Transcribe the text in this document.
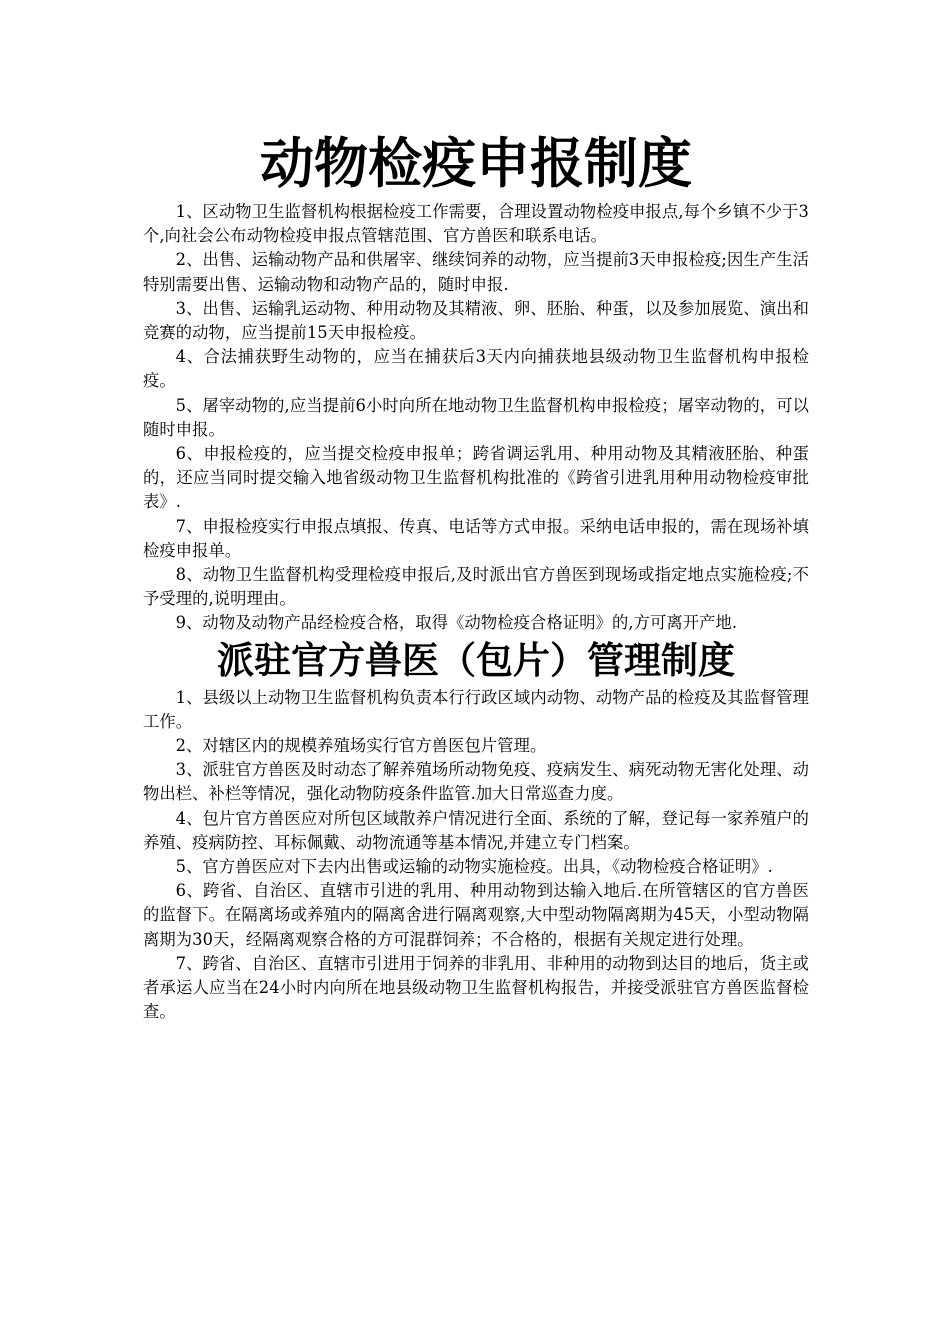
动物检疫申报制度

1、区动物卫生监督机构根据检疫工作需要，合理设置动物检疫申报点,每个乡镇不少于3个,向社会公布动物检疫申报点管辖范围、官方兽医和联系电话。

2、出售、运输动物产品和供屠宰、继续饲养的动物，应当提前3天申报检疫;因生产生活特别需要出售、运输动物和动物产品的，随时申报.

3、出售、运输乳运动物、种用动物及其精液、卵、胚胎、种蛋，以及参加展览、演出和竞赛的动物，应当提前15天申报检疫。

4、合法捕获野生动物的，应当在捕获后3天内向捕获地县级动物卫生监督机构申报检疫。

5、屠宰动物的,应当提前6小时向所在地动物卫生监督机构申报检疫；屠宰动物的，可以随时申报。

6、申报检疫的，应当提交检疫申报单；跨省调运乳用、种用动物及其精液胚胎、种蛋的，还应当同时提交输入地省级动物卫生监督机构批准的《跨省引进乳用种用动物检疫审批表》.

7、申报检疫实行申报点填报、传真、电话等方式申报。采纳电话申报的，需在现场补填检疫申报单。

8、动物卫生监督机构受理检疫申报后,及时派出官方兽医到现场或指定地点实施检疫;不予受理的,说明理由。

9、动物及动物产品经检疫合格，取得《动物检疫合格证明》的,方可离开产地.

派驻官方兽医（包片）管理制度

1、县级以上动物卫生监督机构负责本行行政区域内动物、动物产品的检疫及其监督管理工作。

2、对辖区内的规模养殖场实行官方兽医包片管理。

3、派驻官方兽医及时动态了解养殖场所动物免疫、疫病发生、病死动物无害化处理、动物出栏、补栏等情况，强化动物防疫条件监管.加大日常巡查力度。

4、包片官方兽医应对所包区域散养户情况进行全面、系统的了解，登记每一家养殖户的养殖、疫病防控、耳标佩戴、动物流通等基本情况,并建立专门档案。

5、官方兽医应对下去内出售或运输的动物实施检疫。出具，《动物检疫合格证明》.

6、跨省、自治区、直辖市引进的乳用、种用动物到达输入地后.在所管辖区的官方兽医的监督下。在隔离场或养殖内的隔离舍进行隔离观察,大中型动物隔离期为45天，小型动物隔离期为30天，经隔离观察合格的方可混群饲养；不合格的，根据有关规定进行处理。

7、跨省、自治区、直辖市引进用于饲养的非乳用、非种用的动物到达目的地后，货主或者承运人应当在24小时内向所在地县级动物卫生监督机构报告，并接受派驻官方兽医监督检查。
